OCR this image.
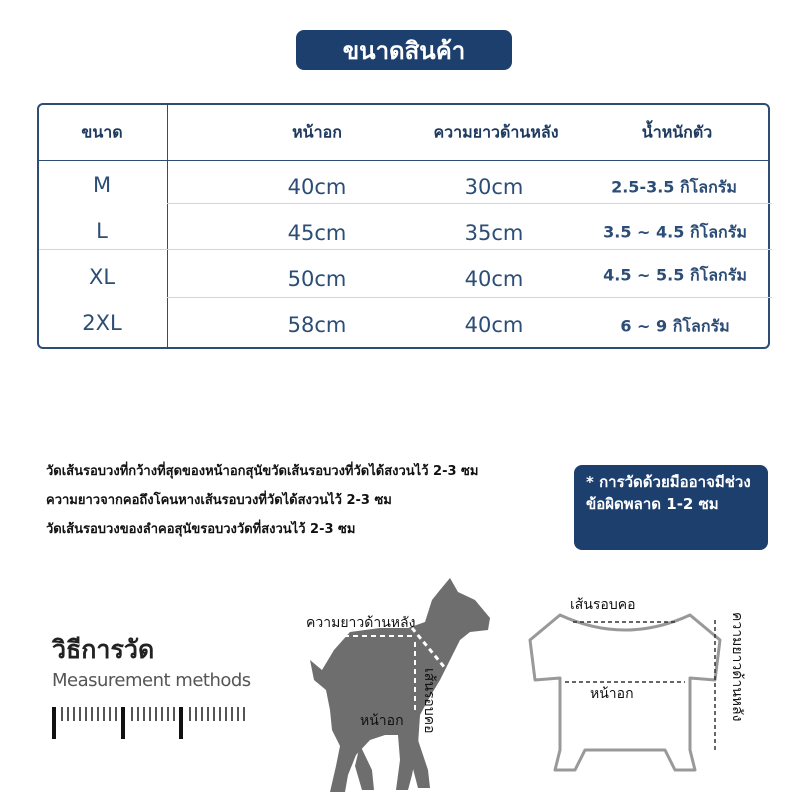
ขนาดสินค้า
ขนาด	หน้าอก	ความยาวด้านหลัง	น้ำหนักตัว
M	40cm	30cm	2.5-3.5 กิโลกรัม
L	45cm	35cm	3.5 ~ 4.5 กิโลกรัม
XL	50cm	40cm	4.5 ~ 5.5 กิโลกรัม
2XL	58cm	40cm	6 ~ 9 กิโลกรัม
วัดเส้นรอบวงที่กว้างที่สุดของหน้าอกสุนัขวัดเส้นรอบวงที่วัดได้สงวนไว้ 2-3 ซม
ความยาวจากคอถึงโคนหางเส้นรอบวงที่วัดได้สงวนไว้ 2-3 ซม
วัดเส้นรอบวงของลำคอสุนัขรอบวงวัดที่สงวนไว้ 2-3 ซม
* การวัดด้วยมืออาจมีช่วงข้อผิดพลาด 1-2 ซม
วิธีการวัด
Measurement methods
ความยาวด้านหลัง
เส้นรอบคอ
หน้าอก
เส้นรอบคอ
หน้าอก	ความยาวด้านหลัง
